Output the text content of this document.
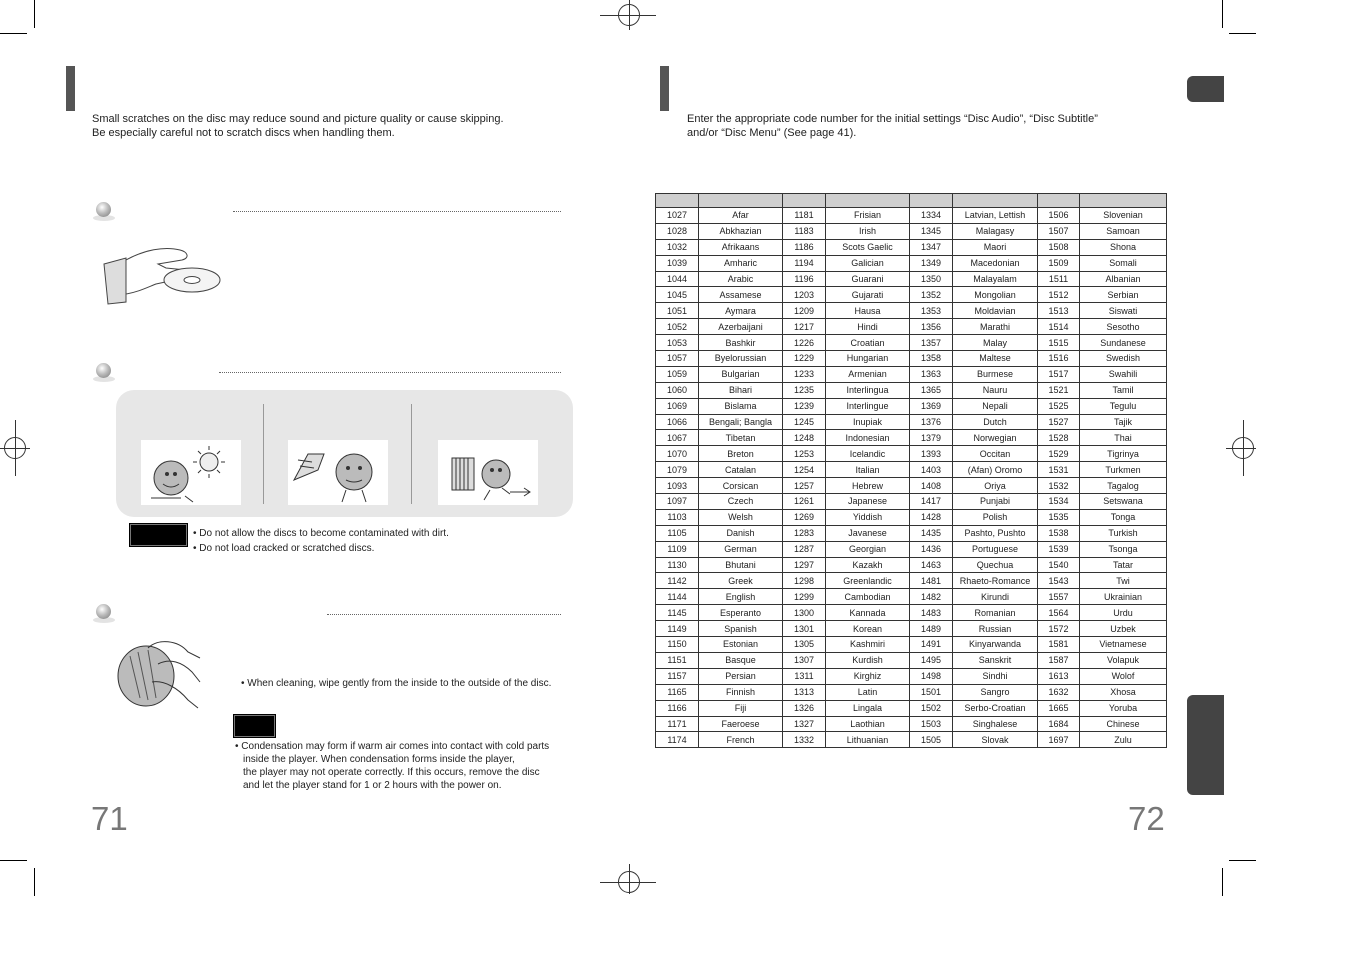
Small scratches on the disc may reduce sound and picture quality or cause skipping.
Be especially careful not to scratch discs when handling them.
• Do not allow the discs to become contaminated with dirt.
• Do not load cracked or scratched discs.
• When cleaning, wipe gently from the inside to the outside of the disc.
• Condensation may form if warm air comes into contact with cold parts
inside the player. When condensation forms inside the player,
the player may not operate correctly. If this occurs, remove the disc
and let the player stand for 1 or 2 hours with the power on.
71
Enter the appropriate code number for the initial settings “Disc Audio”, “Disc Subtitle”
and/or “Disc Menu” (See page 41).

1027	Afar	1181	Frisian	1334	Latvian, Lettish	1506	Slovenian
1028	Abkhazian	1183	Irish	1345	Malagasy	1507	Samoan
1032	Afrikaans	1186	Scots Gaelic	1347	Maori	1508	Shona
1039	Amharic	1194	Galician	1349	Macedonian	1509	Somali
1044	Arabic	1196	Guarani	1350	Malayalam	1511	Albanian
1045	Assamese	1203	Gujarati	1352	Mongolian	1512	Serbian
1051	Aymara	1209	Hausa	1353	Moldavian	1513	Siswati
1052	Azerbaijani	1217	Hindi	1356	Marathi	1514	Sesotho
1053	Bashkir	1226	Croatian	1357	Malay	1515	Sundanese
1057	Byelorussian	1229	Hungarian	1358	Maltese	1516	Swedish
1059	Bulgarian	1233	Armenian	1363	Burmese	1517	Swahili
1060	Bihari	1235	Interlingua	1365	Nauru	1521	Tamil
1069	Bislama	1239	Interlingue	1369	Nepali	1525	Tegulu
1066	Bengali; Bangla	1245	Inupiak	1376	Dutch	1527	Tajik
1067	Tibetan	1248	Indonesian	1379	Norwegian	1528	Thai
1070	Breton	1253	Icelandic	1393	Occitan	1529	Tigrinya
1079	Catalan	1254	Italian	1403	(Afan) Oromo	1531	Turkmen
1093	Corsican	1257	Hebrew	1408	Oriya	1532	Tagalog
1097	Czech	1261	Japanese	1417	Punjabi	1534	Setswana
1103	Welsh	1269	Yiddish	1428	Polish	1535	Tonga
1105	Danish	1283	Javanese	1435	Pashto, Pushto	1538	Turkish
1109	German	1287	Georgian	1436	Portuguese	1539	Tsonga
1130	Bhutani	1297	Kazakh	1463	Quechua	1540	Tatar
1142	Greek	1298	Greenlandic	1481	Rhaeto-Romance	1543	Twi
1144	English	1299	Cambodian	1482	Kirundi	1557	Ukrainian
1145	Esperanto	1300	Kannada	1483	Romanian	1564	Urdu
1149	Spanish	1301	Korean	1489	Russian	1572	Uzbek
1150	Estonian	1305	Kashmiri	1491	Kinyarwanda	1581	Vietnamese
1151	Basque	1307	Kurdish	1495	Sanskrit	1587	Volapuk
1157	Persian	1311	Kirghiz	1498	Sindhi	1613	Wolof
1165	Finnish	1313	Latin	1501	Sangro	1632	Xhosa
1166	Fiji	1326	Lingala	1502	Serbo-Croatian	1665	Yoruba
1171	Faeroese	1327	Laothian	1503	Singhalese	1684	Chinese
1174	French	1332	Lithuanian	1505	Slovak	1697	Zulu
72
